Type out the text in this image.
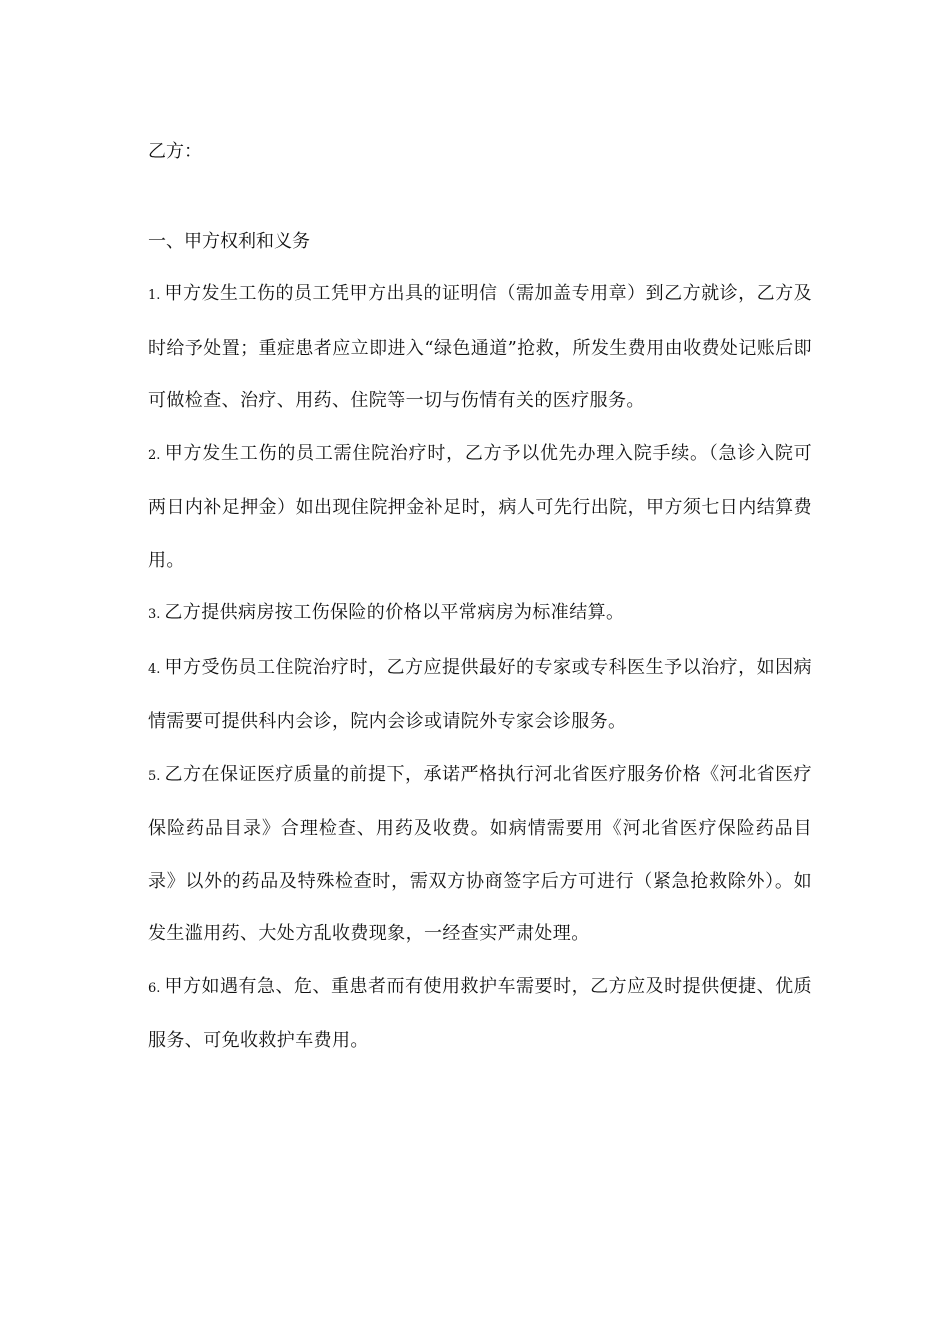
乙方：

一、甲方权利和义务

1. 甲方发生工伤的员工凭甲方出具的证明信（需加盖专用章）到乙方就诊，乙方及时给予处置；重症患者应立即进入“绿色通道”抢救，所发生费用由收费处记账后即可做检查、治疗、用药、住院等一切与伤情有关的医疗服务。

2. 甲方发生工伤的员工需住院治疗时，乙方予以优先办理入院手续。（急诊入院可两日内补足押金）如出现住院押金补足时，病人可先行出院，甲方须七日内结算费用。

3. 乙方提供病房按工伤保险的价格以平常病房为标准结算。

4. 甲方受伤员工住院治疗时，乙方应提供最好的专家或专科医生予以治疗，如因病情需要可提供科内会诊，院内会诊或请院外专家会诊服务。

5. 乙方在保证医疗质量的前提下，承诺严格执行河北省医疗服务价格《河北省医疗保险药品目录》合理检查、用药及收费。如病情需要用《河北省医疗保险药品目录》以外的药品及特殊检查时，需双方协商签字后方可进行（紧急抢救除外）。如发生滥用药、大处方乱收费现象，一经查实严肃处理。

6. 甲方如遇有急、危、重患者而有使用救护车需要时，乙方应及时提供便捷、优质服务、可免收救护车费用。
